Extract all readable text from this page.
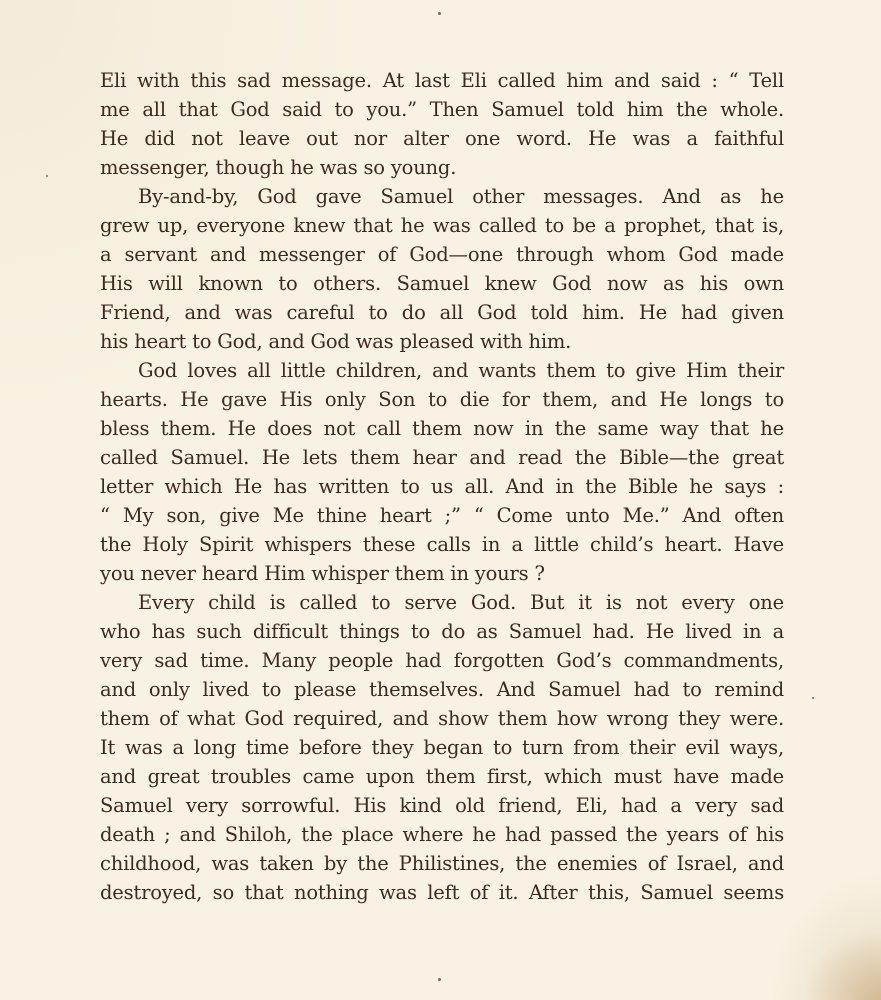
Eli with this sad message. At last Eli called him and said : “ Tell
me all that God said to you.” Then Samuel told him the whole.
He did not leave out nor alter one word. He was a faithful
messenger, though he was so young.
By-and-by, God gave Samuel other messages. And as he
grew up, everyone knew that he was called to be a prophet, that is,
a servant and messenger of God—one through whom God made
His will known to others. Samuel knew God now as his own
Friend, and was careful to do all God told him. He had given
his heart to God, and God was pleased with him.
God loves all little children, and wants them to give Him their
hearts. He gave His only Son to die for them, and He longs to
bless them. He does not call them now in the same way that he
called Samuel. He lets them hear and read the Bible—the great
letter which He has written to us all. And in the Bible he says :
“ My son, give Me thine heart ;” “ Come unto Me.” And often
the Holy Spirit whispers these calls in a little child’s heart. Have
you never heard Him whisper them in yours ?
Every child is called to serve God. But it is not every one
who has such difficult things to do as Samuel had. He lived in a
very sad time. Many people had forgotten God’s commandments,
and only lived to please themselves. And Samuel had to remind
them of what God required, and show them how wrong they were.
It was a long time before they began to turn from their evil ways,
and great troubles came upon them first, which must have made
Samuel very sorrowful. His kind old friend, Eli, had a very sad
death ; and Shiloh, the place where he had passed the years of his
childhood, was taken by the Philistines, the enemies of Israel, and
destroyed, so that nothing was left of it. After this, Samuel seems
